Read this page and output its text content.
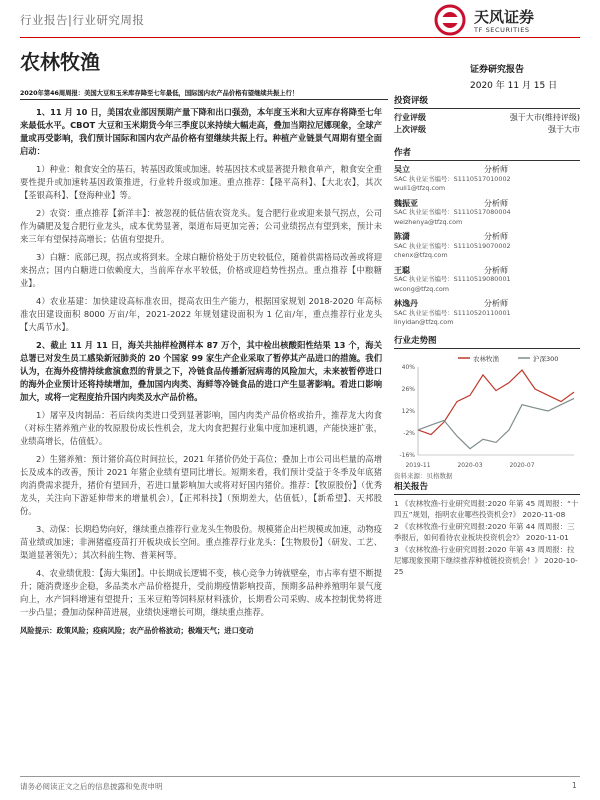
行业报告|行业研究周报	天风证券
TF SECURITIES
农林牧渔	证券研究报告
2020 年 11 月 15 日
2020年第46周周报：美国大豆和玉米库存降至七年最低，国际国内农产品价格有望继续共振上行！

1、11 月 10 日，美国农业部因预期产量下降和出口强劲，本年度玉米和大豆库存将降至七年来最低水平。CBOT 大豆和玉米期货今年三季度以来持续大幅走高，叠加当期拉尼娜现象，全球产量或再受影响，我们预计国际和国内农产品价格有望继续共振上行。种植产业链景气周期有望全面启动：

1）种业：粮食安全的基石，转基因政策或加速。转基因技术或显著提升粮食单产，粮食安全重要性提升或加速转基因政策推进，行业转升级或加速。重点推荐：【隆平高科】、【大北农】，其次【荃银高科】、【登海种业】等。

2）农资：重点推荐【新洋丰】：被忽视的低估值农资龙头。复合肥行业或迎来景气拐点，公司作为磷肥及复合肥行业龙头，成本优势显著，渠道布局更加完善；公司业绩拐点有望到来，预计未来三年有望保持高增长；估值有望提升。

3）白糖：底部已现，拐点或将到来。全球白糖价格处于历史较低位，随着供需格局改善或将迎来拐点；国内白糖进口依赖度大，当前库存水平较低，价格或迎趋势性拐点。重点推荐【中粮糖业】。

4）农业基建：加快建设高标准农田，提高农田生产能力，根据国家规划 2018-2020 年高标准农田建设面积 8000 万亩/年，2021-2022 年规划建设面积为 1 亿亩/年，重点推荐行业龙头【大禹节水】。

2、截止 11 月 11 日，海关共抽样检测样本 87 万个，其中检出核酸阳性结果 13 个，海关总署已对发生员工感染新冠肺炎的 20 个国家 99 家生产企业采取了暂停其产品进口的措施。我们认为，在海外疫情持续愈演愈烈的背景之下，冷链食品传播新冠病毒的风险加大，未来被暂停进口的海外企业预计还将持续增加，叠加国内肉类、海鲜等冷链食品的进口产生显著影响。看进口影响加大，或将一定程度抬升国内肉类及水产品价格。

1）屠宰及肉制品：若后续肉类进口受到显著影响，国内肉类产品价格或抬升，推荐龙大肉食（对标生猪养殖产业的牧原股份成长性机会，龙大肉食把握行业集中度加速机遇，产能快速扩张，业绩高增长，估值低）。

2）生猪养殖：预计猪价高位时间拉长，2021 年猪价仍处于高位；叠加上市公司出栏量的高增长及成本的改善，预计 2021 年猪企业绩有望同比增长。短期来看，我们预计受益于冬季及年底猪肉消费需求提升，猪价有望回升，若进口量影响加大或将对好国内猪价。推荐：【牧原股份】（优秀龙头，关注向下游延伸带来的增量机会），【正邦科技】（预期差大，估值低），【新希望】、天邦股份。

3、动保：长期趋势向好，继续重点推荐行业龙头生物股份。规模猪企出栏规模或加速，动物疫苗业绩或加速；非洲猪瘟疫苗打开板块成长空间。重点推荐行业龙头：【生物股份】（研发、工艺、渠道显著领先）；其次科前生物、普莱柯等。

4、农业绩优股：【海大集团】。中长期成长逻辑不变，核心竞争力铸就壁垒，市占率有望不断提升；随消费逐步企稳，多品类水产品价格提升，受前期疫情影响投苗，预期多品种养殖明年景气度向上，水产饲料增速有望提升；玉米豆粕等饲料原材料涨价，长期看公司采购、成本控制优势将进一步凸显；叠加动保种苗进展，业绩快速增长可期，继续重点推荐。

风险提示：政策风险；疫病风险；农产品价格波动；极端天气；进口变动

投资评级
行业评级	强于大市(维持评级)
上次评级	强于大市
作者
吴立	分析师
SAC 执业证书编号：S1110517010002
wuli1@tfzq.com
魏振亚	分析师
SAC 执业证书编号：S1110517080004
weizhenya@tfzq.com
陈潇	分析师
SAC 执业证书编号：S1110519070002
chenx@tfzq.com
王聪	分析师
SAC 执业证书编号：S1110519080001
wcong@tfzq.com
林逸丹	分析师
SAC 执业证书编号：S1110520110001
linyidan@tfzq.com
行业走势图
农林牧渔	沪深300
40%
26%
12%
-2%
-16%
2019-11	2020-03	2020-07
资料来源：贝格数据
相关报告
1 《农林牧渔-行业研究周报:2020 年第 45 周周报：“十四五”规划，指明农业哪些投资机会?》 2020-11-08
2 《农林牧渔-行业研究周报:2020 年第 44 周周报：三季报后，如何看待农业板块投资机会?》 2020-11-01
3 《农林牧渔-行业研究周报:2020 年第 43 周周报：拉尼娜现象预期下继续推荐种植链投资机会！》 2020-10-25
请务必阅读正文之后的信息披露和免责申明	1
